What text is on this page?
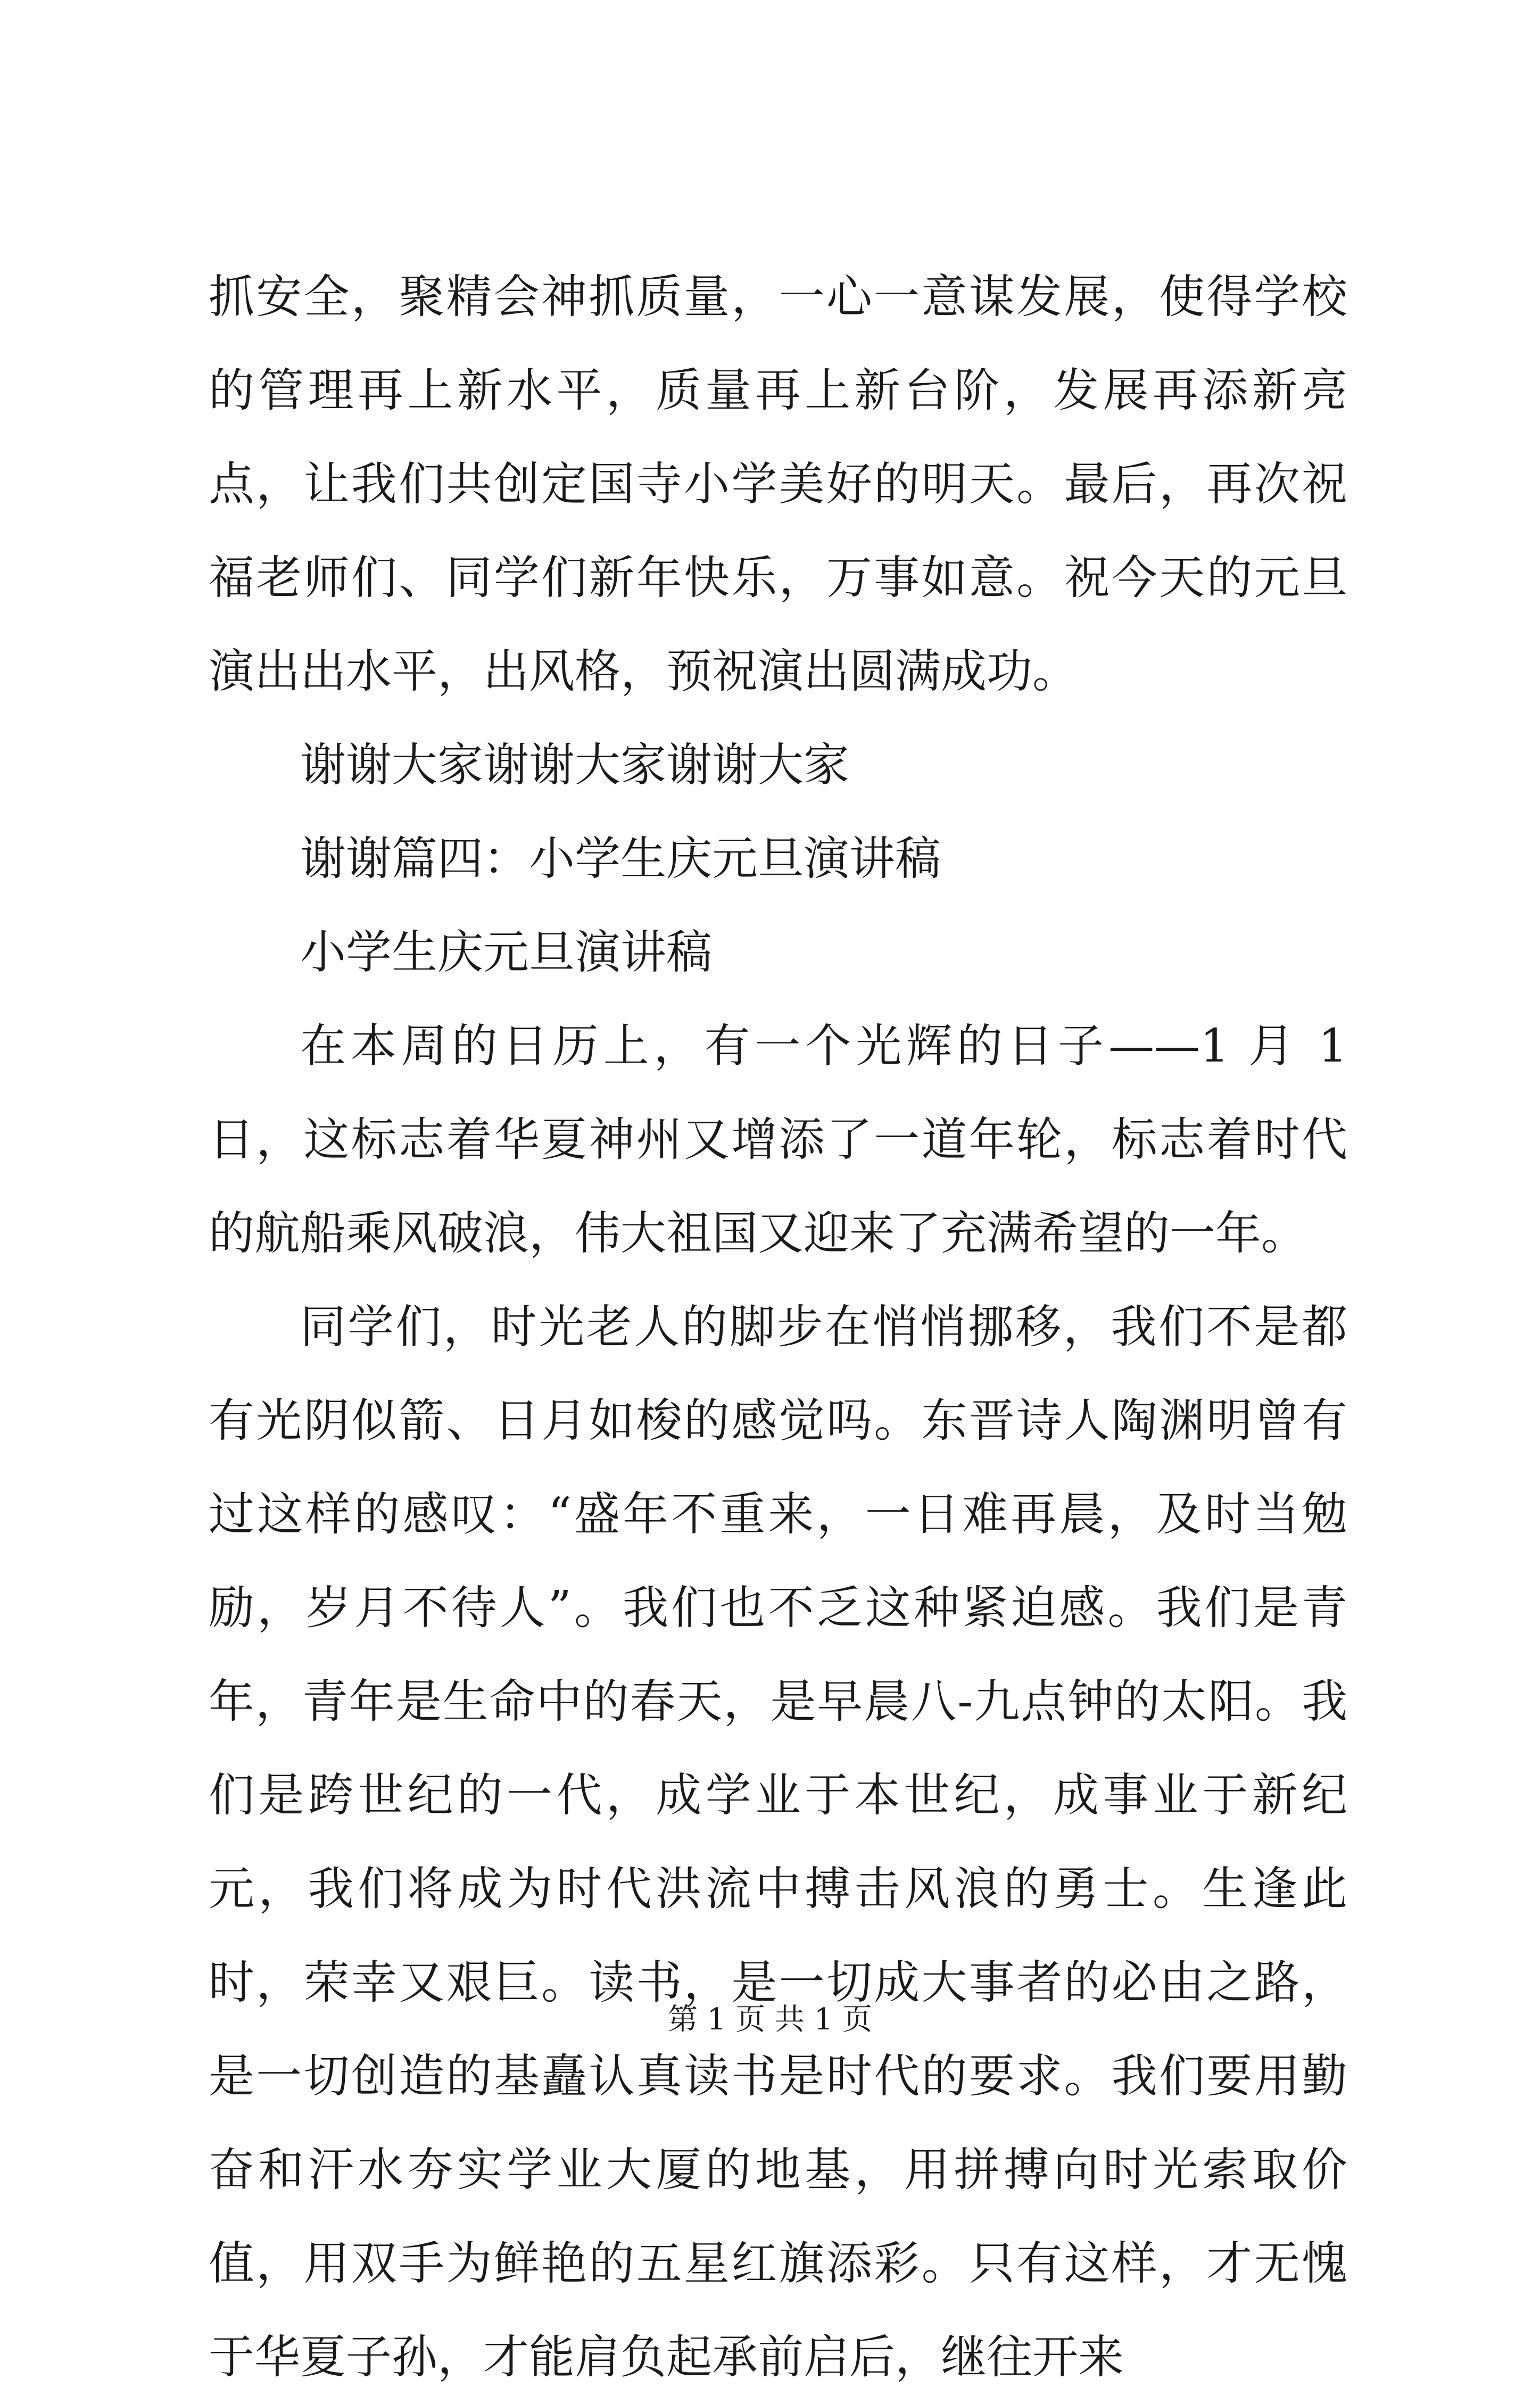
抓安全，聚精会神抓质量，一心一意谋发展，使得学校的管理再上新水平，质量再上新台阶，发展再添新亮点，让我们共创定国寺小学美好的明天。最后，再次祝福老师们、同学们新年快乐，万事如意。祝今天的元旦演出出水平，出风格，预祝演出圆满成功。

谢谢大家谢谢大家谢谢大家

谢谢篇四：小学生庆元旦演讲稿

小学生庆元旦演讲稿

在本周的日历上，有一个光辉的日子——1 月 1 日，这标志着华夏神州又增添了一道年轮，标志着时代的航船乘风破浪，伟大祖国又迎来了充满希望的一年。

同学们，时光老人的脚步在悄悄挪移，我们不是都有光阴似箭、日月如梭的感觉吗。东晋诗人陶渊明曾有过这样的感叹：“盛年不重来，一日难再晨，及时当勉励，岁月不待人”。我们也不乏这种紧迫感。我们是青年，青年是生命中的春天，是早晨八-九点钟的太阳。我们是跨世纪的一代，成学业于本世纪，成事业于新纪元，我们将成为时代洪流中搏击风浪的勇士。生逢此时，荣幸又艰巨。读书，是一切成大事者的必由之路，是一切创造的基矗认真读书是时代的要求。我们要用勤奋和汗水夯实学业大厦的地基，用拼搏向时光索取价值，用双手为鲜艳的五星红旗添彩。只有这样，才无愧于华夏子孙，才能肩负起承前启后，继往开来

第 1 页 共 1 页
